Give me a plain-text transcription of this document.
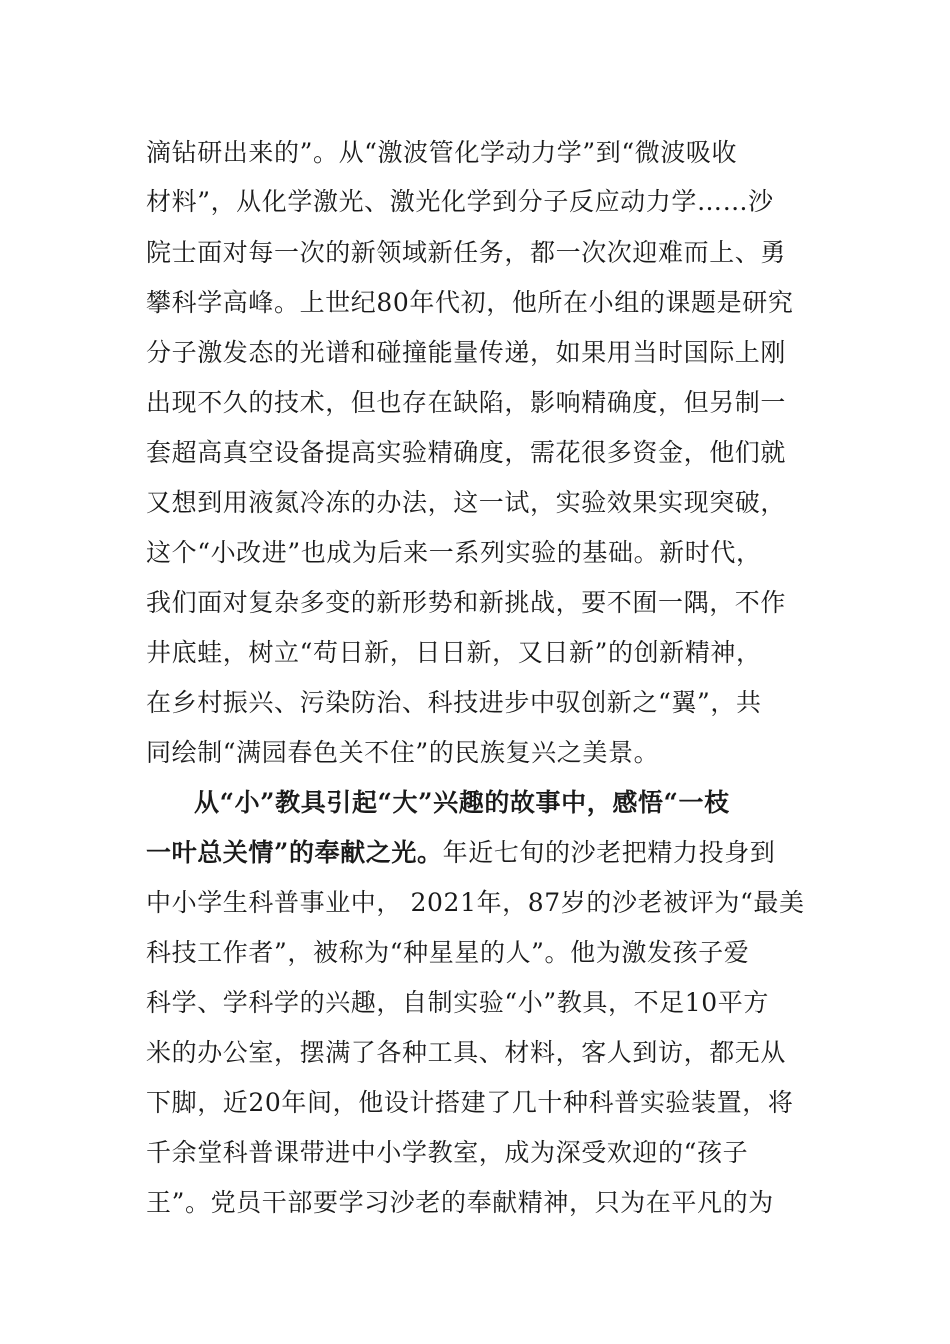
滴钻研出来的”。从“激波管化学动力学”到“微波吸收
材料”，从化学激光、激光化学到分子反应动力学……沙
院士面对每一次的新领域新任务，都一次次迎难而上、勇
攀科学高峰。上世纪80年代初，他所在小组的课题是研究
分子激发态的光谱和碰撞能量传递，如果用当时国际上刚
出现不久的技术，但也存在缺陷，影响精确度，但另制一
套超高真空设备提高实验精确度，需花很多资金，他们就
又想到用液氮冷冻的办法，这一试，实验效果实现突破，
这个“小改进”也成为后来一系列实验的基础。新时代，
我们面对复杂多变的新形势和新挑战，要不囿一隅，不作
井底蛙，树立“苟日新，日日新，又日新”的创新精神，
在乡村振兴、污染防治、科技进步中驭创新之“翼”，共
同绘制“满园春色关不住”的民族复兴之美景。
从“小”教具引起“大”兴趣的故事中，感悟“一枝
一叶总关情”的奉献之光。年近七旬的沙老把精力投身到
中小学生科普事业中， 2021年，87岁的沙老被评为“最美
科技工作者”，被称为“种星星的人”。他为激发孩子爱
科学、学科学的兴趣，自制实验“小”教具，不足10平方
米的办公室，摆满了各种工具、材料，客人到访，都无从
下脚，近20年间，他设计搭建了几十种科普实验装置，将
千余堂科普课带进中小学教室，成为深受欢迎的“孩子
王”。党员干部要学习沙老的奉献精神，只为在平凡的为
